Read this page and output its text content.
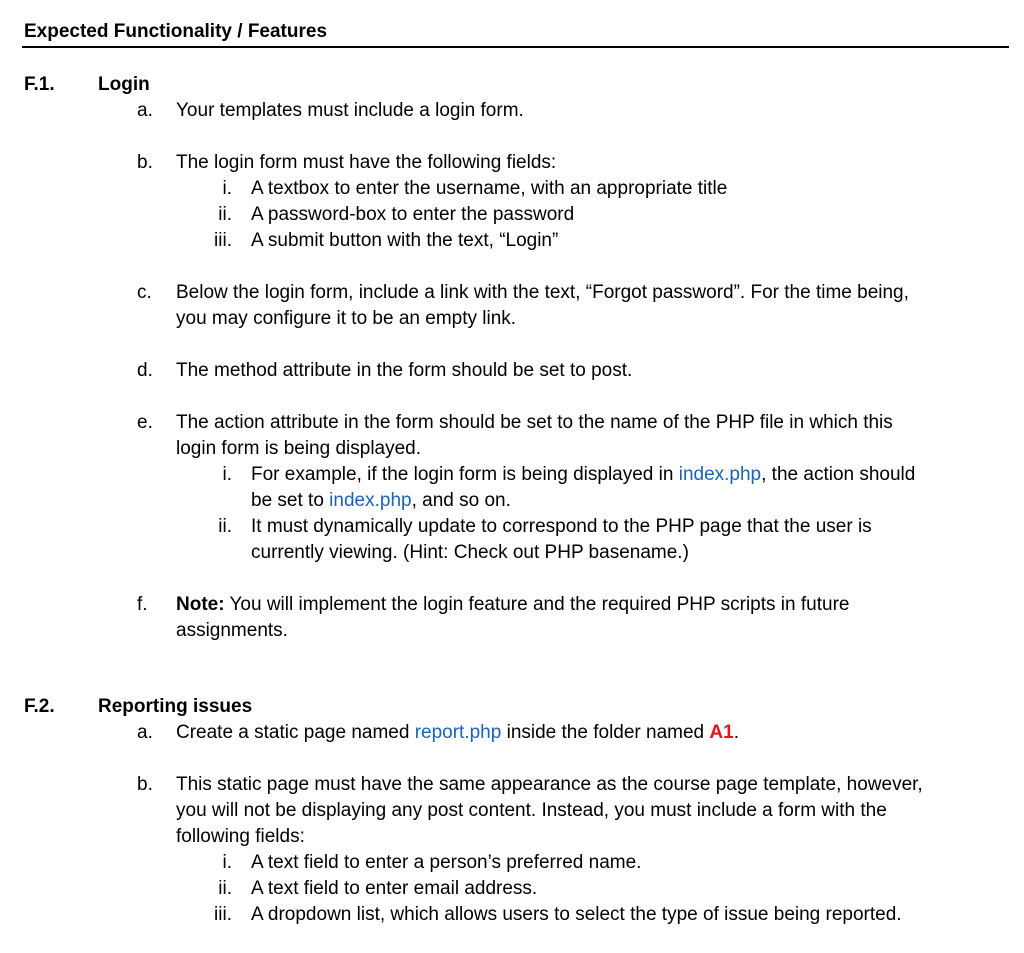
Expected Functionality / Features
F.1. Login
a. Your templates must include a login form.
b. The login form must have the following fields:
i. A textbox to enter the username, with an appropriate title
ii. A password-box to enter the password
iii. A submit button with the text, “Login”
c. Below the login form, include a link with the text, “Forgot password”. For the time being,
you may configure it to be an empty link.
d. The method attribute in the form should be set to post.
e. The action attribute in the form should be set to the name of the PHP file in which this
login form is being displayed.
i. For example, if the login form is being displayed in index.php, the action should
be set to index.php, and so on.
ii. It must dynamically update to correspond to the PHP page that the user is
currently viewing. (Hint: Check out PHP basename.)
f. Note: You will implement the login feature and the required PHP scripts in future
assignments.
F.2. Reporting issues
a. Create a static page named report.php inside the folder named A1.
b. This static page must have the same appearance as the course page template, however,
you will not be displaying any post content. Instead, you must include a form with the
following fields:
i. A text field to enter a person’s preferred name.
ii. A text field to enter email address.
iii. A dropdown list, which allows users to select the type of issue being reported.
